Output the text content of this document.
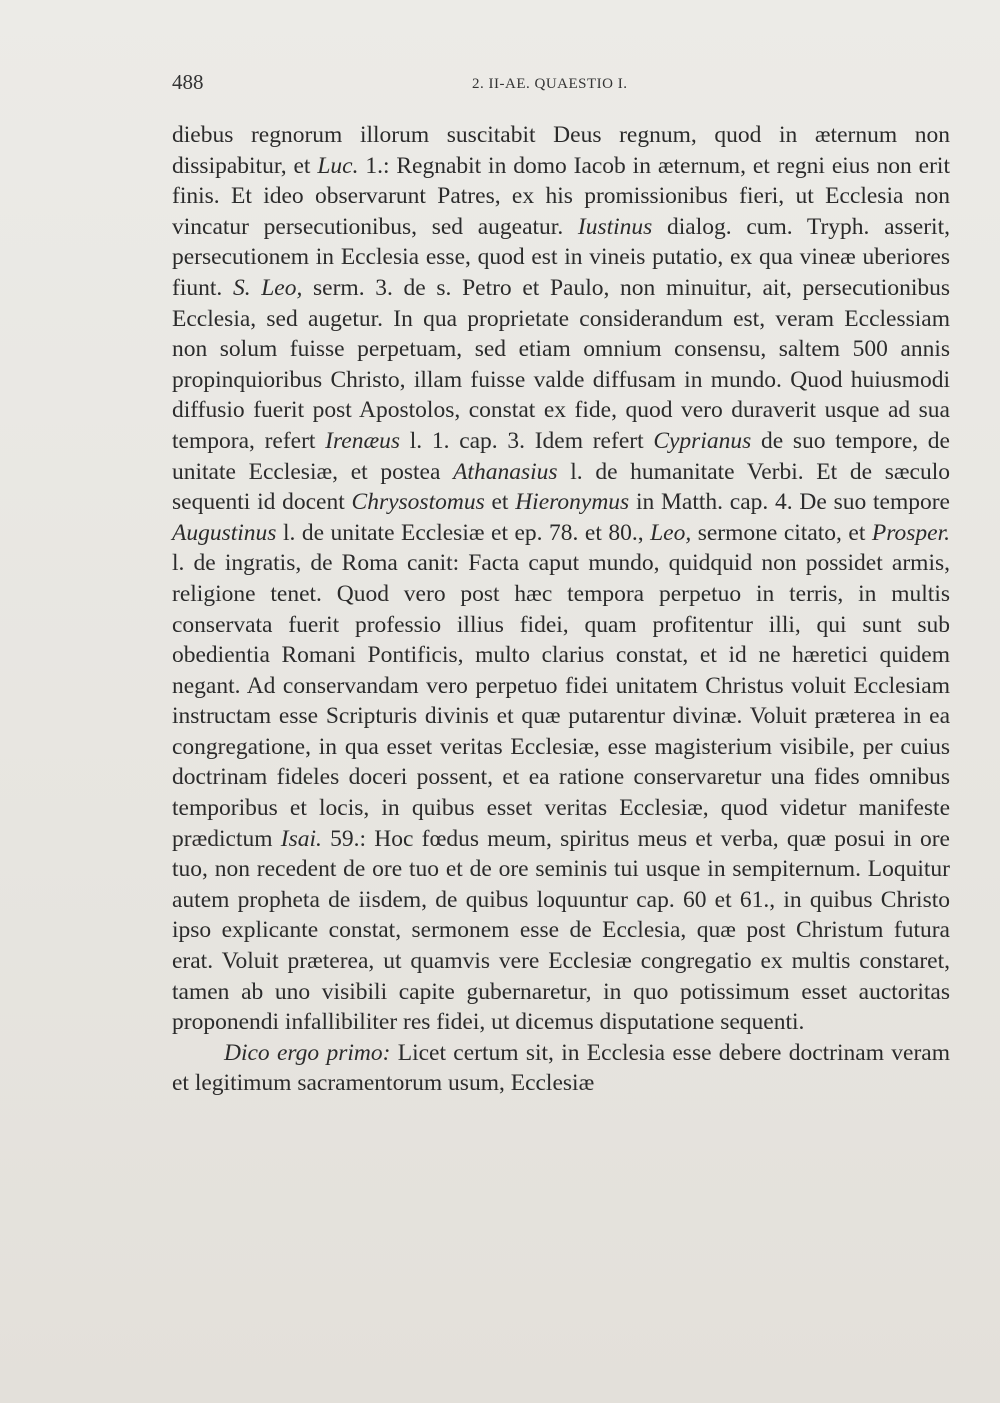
488	2. II-AE. QUAESTIO I.

diebus regnorum illorum suscitabit Deus regnum, quod in æternum non dissipabitur, et Luc. 1.: Regnabit in domo Iacob in æternum, et regni eius non erit finis. Et ideo observarunt Patres, ex his promissionibus fieri, ut Ecclesia non vincatur persecutionibus, sed augeatur. Iustinus dialog. cum. Tryph. asserit, persecutionem in Ecclesia esse, quod est in vineis putatio, ex qua vineæ uberiores fiunt. S. Leo, serm. 3. de s. Petro et Paulo, non minuitur, ait, persecutionibus Ecclesia, sed augetur. In qua proprietate considerandum est, veram Ecclessiam non solum fuisse perpetuam, sed etiam omnium consensu, saltem 500 annis propinquioribus Christo, illam fuisse valde diffusam in mundo. Quod huiusmodi diffusio fuerit post Apostolos, constat ex fide, quod vero duraverit usque ad sua tempora, refert Irenæus l. 1. cap. 3. Idem refert Cyprianus de suo tempore, de unitate Ecclesiæ, et postea Athanasius l. de humanitate Verbi. Et de sæculo sequenti id docent Chrysostomus et Hieronymus in Matth. cap. 4. De suo tempore Augustinus l. de unitate Ecclesiæ et ep. 78. et 80., Leo, sermone citato, et Prosper. l. de ingratis, de Roma canit: Facta caput mundo, quidquid non possidet armis, religione tenet. Quod vero post hæc tempora perpetuo in terris, in multis conservata fuerit professio illius fidei, quam profitentur illi, qui sunt sub obedientia Romani Pontificis, multo clarius constat, et id ne hæretici quidem negant. Ad conservandam vero perpetuo fidei unitatem Christus voluit Ecclesiam instructam esse Scripturis divinis et quæ putarentur divinæ. Voluit præterea in ea congregatione, in qua esset veritas Ecclesiæ, esse magisterium visibile, per cuius doctrinam fideles doceri possent, et ea ratione conservaretur una fides omnibus temporibus et locis, in quibus esset veritas Ecclesiæ, quod videtur manifeste prædictum Isai. 59.: Hoc fœdus meum, spiritus meus et verba, quæ posui in ore tuo, non recedent de ore tuo et de ore seminis tui usque in sempiternum. Loquitur autem propheta de iisdem, de quibus loquuntur cap. 60 et 61., in quibus Christo ipso explicante constat, sermonem esse de Ecclesia, quæ post Christum futura erat. Voluit præterea, ut quamvis vere Ecclesiæ congregatio ex multis constaret, tamen ab uno visibili capite gubernaretur, in quo potissimum esset auctoritas proponendi infallibiliter res fidei, ut dicemus disputatione sequenti.

Dico ergo primo: Licet certum sit, in Ecclesia esse debere doctrinam veram et legitimum sacramentorum usum, Ecclesiæ
